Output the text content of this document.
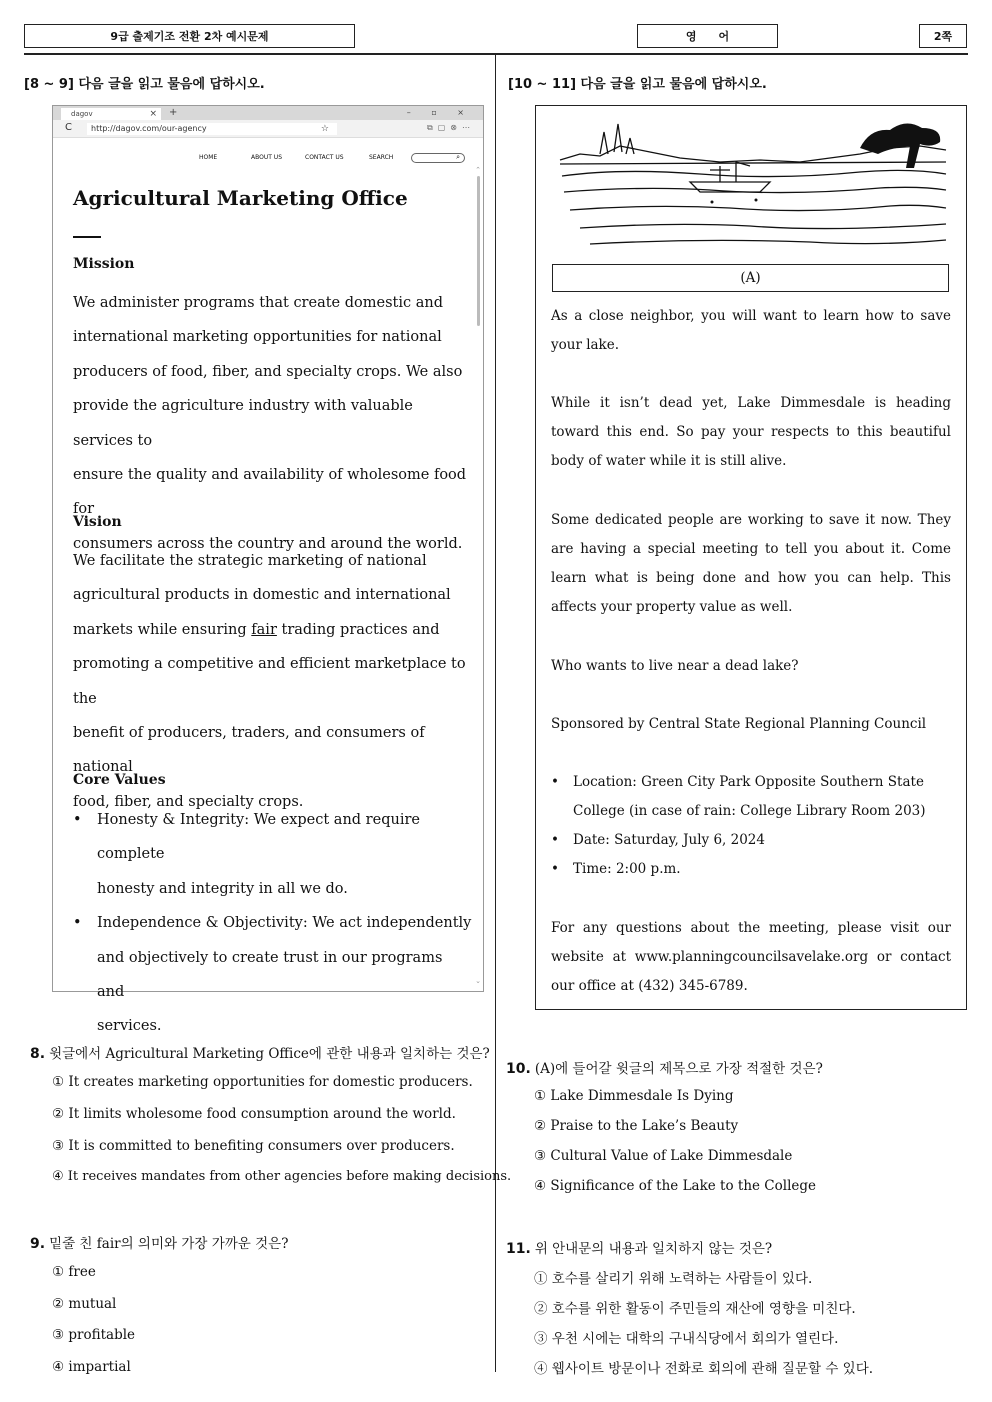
9급 출제기조 전환 2차 예시문제	영　　어	2쪽
[8 ~ 9] 다음 글을 읽고 물음에 답하시오.	[10 ~ 11] 다음 글을 읽고 물음에 답하시오.
dagov	× +	– ▫ ×
C	http://dagov.com/our-agency	☆	⧉▢⊗⋯
HOME	ABOUT US	CONTACT US	SEARCH	⌕
⌃
⌄
Agricultural Marketing Office
Mission
We administer programs that create domestic and
international marketing opportunities for national
producers of food, fiber, and specialty crops. We also
provide the agriculture industry with valuable services to
ensure the quality and availability of wholesome food for
consumers across the country and around the world.
Vision
We facilitate the strategic marketing of national
agricultural products in domestic and international
markets while ensuring fair trading practices and
promoting a competitive and efficient marketplace to the
benefit of producers, traders, and consumers of national
food, fiber, and specialty crops.
Core Values
• Honesty & Integrity: We expect and require complete
honesty and integrity in all we do.
• Independence & Objectivity: We act independently
and objectively to create trust in our programs and
services.
8. 윗글에서 Agricultural Marketing Office에 관한 내용과 일치하는 것은?
① It creates marketing opportunities for domestic producers.
② It limits wholesome food consumption around the world.
③ It is committed to benefiting consumers over producers.
④ It receives mandates from other agencies before making decisions.
9. 밑줄 친 fair의 의미와 가장 가까운 것은?
① free
② mutual
③ profitable
④ impartial
(A)
As a close neighbor, you will want to learn how to save your lake.
While it isn’t dead yet, Lake Dimmesdale is heading toward this end. So pay your respects to this beautiful body of water while it is still alive.
Some dedicated people are working to save it now. They are having a special meeting to tell you about it. Come learn what is being done and how you can help. This affects your property value as well.
Who wants to live near a dead lake?
Sponsored by Central State Regional Planning Council
• Location: Green City Park Opposite Southern State College (in case of rain: College Library Room 203)
• Date: Saturday, July 6, 2024
• Time: 2:00 p.m.
For any questions about the meeting, please visit our website at www.planningcouncilsavelake.org or contact our office at (432) 345-6789.
10. (A)에 들어갈 윗글의 제목으로 가장 적절한 것은?
① Lake Dimmesdale Is Dying
② Praise to the Lake’s Beauty
③ Cultural Value of Lake Dimmesdale
④ Significance of the Lake to the College
11. 위 안내문의 내용과 일치하지 않는 것은?
① 호수를 살리기 위해 노력하는 사람들이 있다.
② 호수를 위한 활동이 주민들의 재산에 영향을 미친다.
③ 우천 시에는 대학의 구내식당에서 회의가 열린다.
④ 웹사이트 방문이나 전화로 회의에 관해 질문할 수 있다.
